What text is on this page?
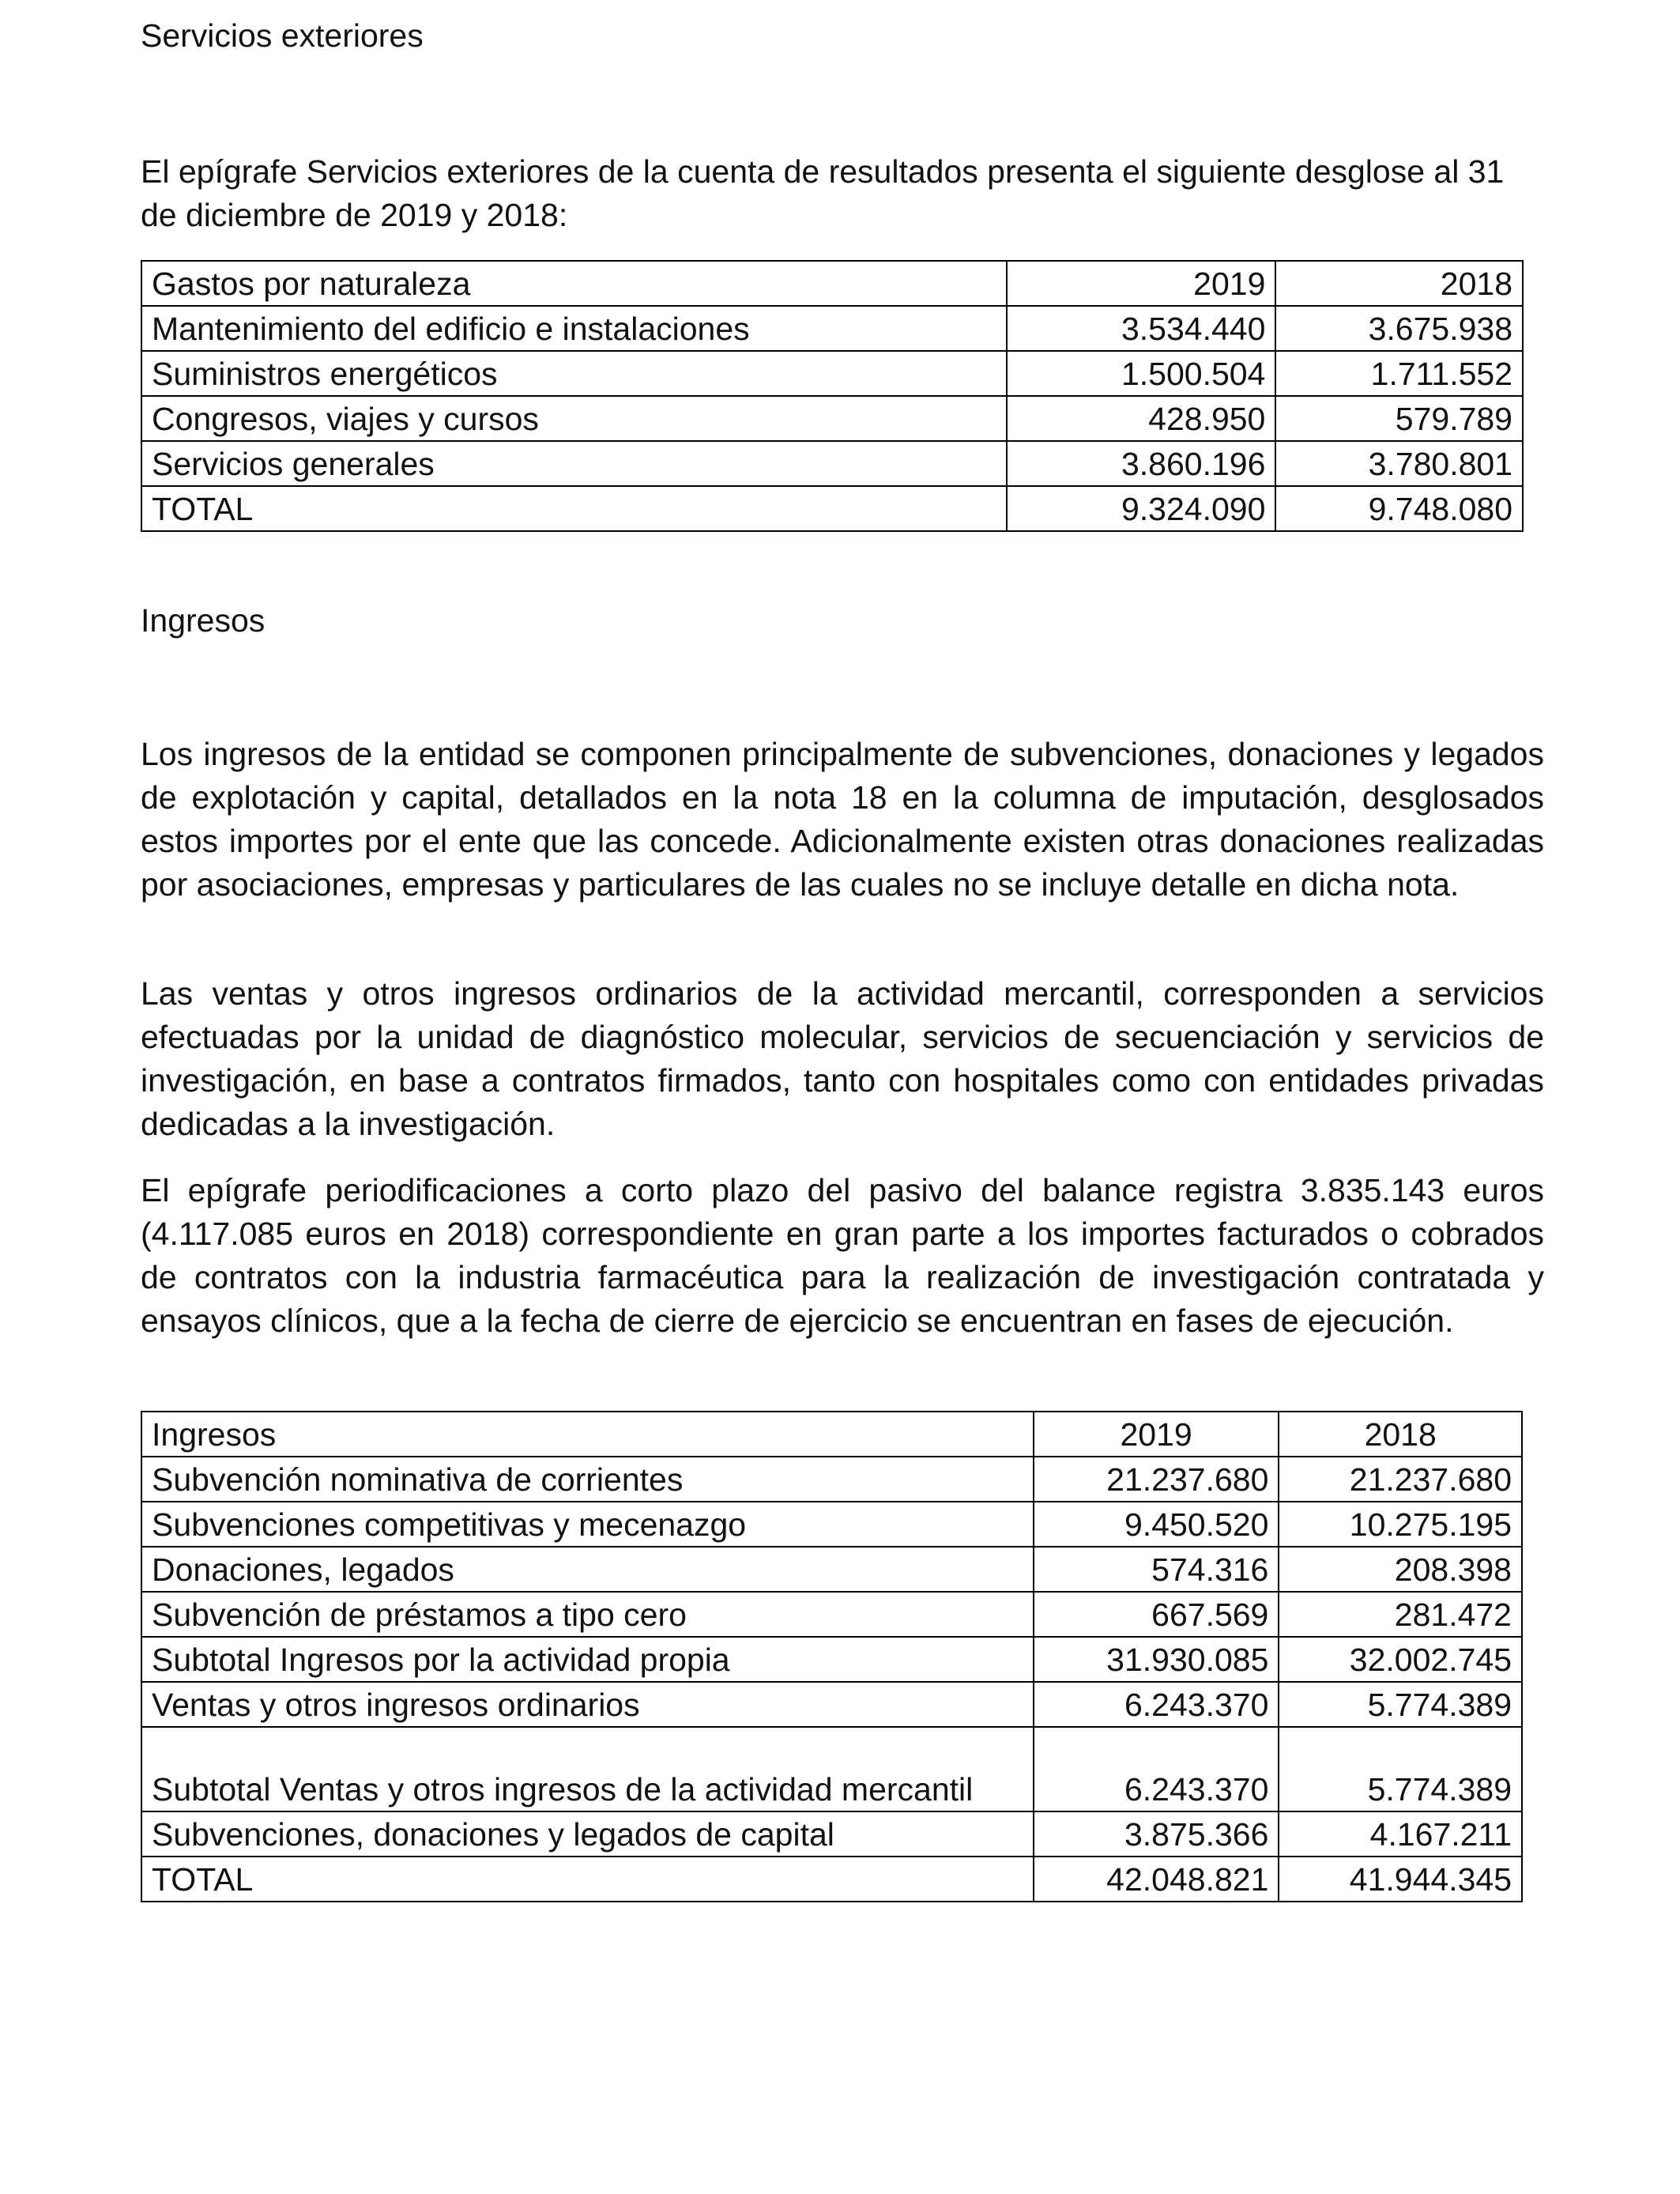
Servicios exteriores
El epígrafe Servicios exteriores de la cuenta de resultados presenta el siguiente desglose al 31 de diciembre de 2019 y 2018:
Gastos por naturaleza	2019	2018
Mantenimiento del edificio e instalaciones	3.534.440	3.675.938
Suministros energéticos	1.500.504	1.711.552
Congresos, viajes y cursos	428.950	579.789
Servicios generales	3.860.196	3.780.801
TOTAL	9.324.090	9.748.080
Ingresos
Los ingresos de la entidad se componen principalmente de subvenciones, donaciones y legados de explotación y capital, detallados en la nota 18 en la columna de imputación, desglosados estos importes por el ente que las concede. Adicionalmente existen otras donaciones realizadas por asociaciones, empresas y particulares de las cuales no se incluye detalle en dicha nota.
Las ventas y otros ingresos ordinarios de la actividad mercantil, corresponden a servicios efectuadas por la unidad de diagnóstico molecular, servicios de secuenciación y servicios de investigación, en base a contratos firmados, tanto con hospitales como con entidades privadas dedicadas a la investigación.
El epígrafe periodificaciones a corto plazo del pasivo del balance registra 3.835.143 euros (4.117.085 euros en 2018) correspondiente en gran parte a los importes facturados o cobrados de contratos con la industria farmacéutica para la realización de investigación contratada y ensayos clínicos, que a la fecha de cierre de ejercicio se encuentran en fases de ejecución.
Ingresos	2019	2018
Subvención nominativa de corrientes	21.237.680	21.237.680
Subvenciones competitivas y mecenazgo	9.450.520	10.275.195
Donaciones, legados	574.316	208.398
Subvención de préstamos a tipo cero	667.569	281.472
Subtotal Ingresos por la actividad propia	31.930.085	32.002.745
Ventas y otros ingresos ordinarios	6.243.370	5.774.389
Subtotal Ventas y otros ingresos de la actividad mercantil	6.243.370	5.774.389
Subvenciones, donaciones y legados de capital	3.875.366	4.167.211
TOTAL	42.048.821	41.944.345
